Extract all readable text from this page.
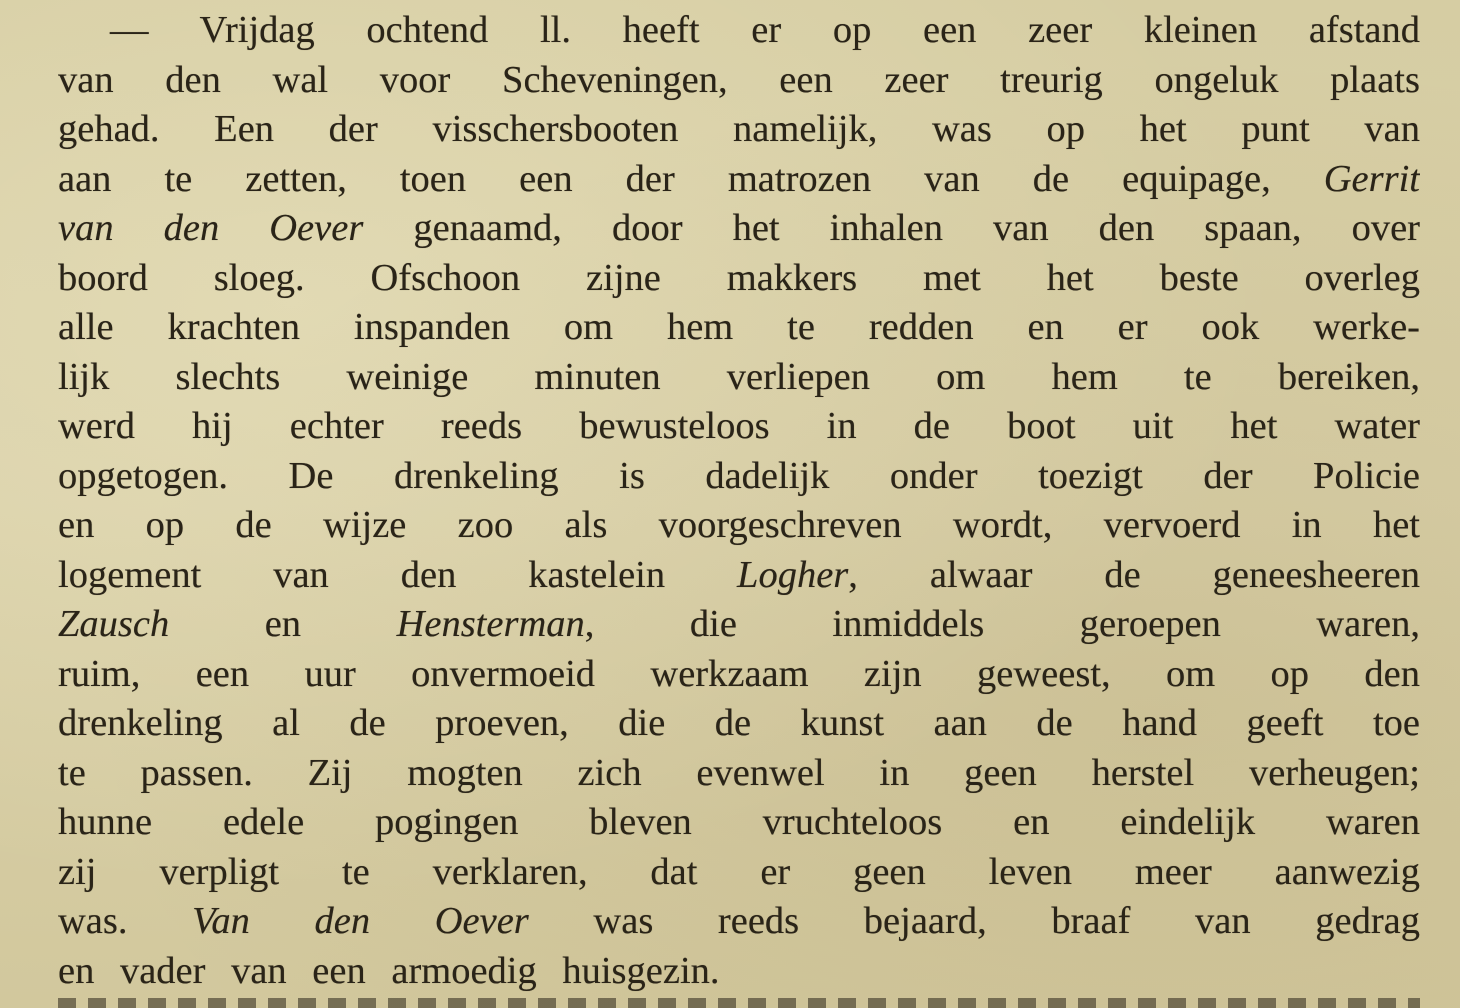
— Vrijdag ochtend ll. heeft er op een zeer kleinen afstand
van den wal voor Scheveningen, een zeer treurig ongeluk plaats
gehad. Een der visschersbooten namelijk, was op het punt van
aan te zetten, toen een der matrozen van de equipage, Gerrit
van den Oever genaamd, door het inhalen van den spaan, over
boord sloeg. Ofschoon zijne makkers met het beste overleg
alle krachten inspanden om hem te redden en er ook werke-
lijk slechts weinige minuten verliepen om hem te bereiken,
werd hij echter reeds bewusteloos in de boot uit het water
opgetogen. De drenkeling is dadelijk onder toezigt der Policie
en op de wijze zoo als voorgeschreven wordt, vervoerd in het
logement van den kastelein Logher, alwaar de geneesheeren
Zausch en Hensterman, die inmiddels geroepen waren,
ruim, een uur onvermoeid werkzaam zijn geweest, om op den
drenkeling al de proeven, die de kunst aan de hand geeft toe
te passen. Zij mogten zich evenwel in geen herstel verheugen;
hunne edele pogingen bleven vruchteloos en eindelijk waren
zij verpligt te verklaren, dat er geen leven meer aanwezig
was. Van den Oever was reeds bejaard, braaf van gedrag
en vader van een armoedig huisgezin.
